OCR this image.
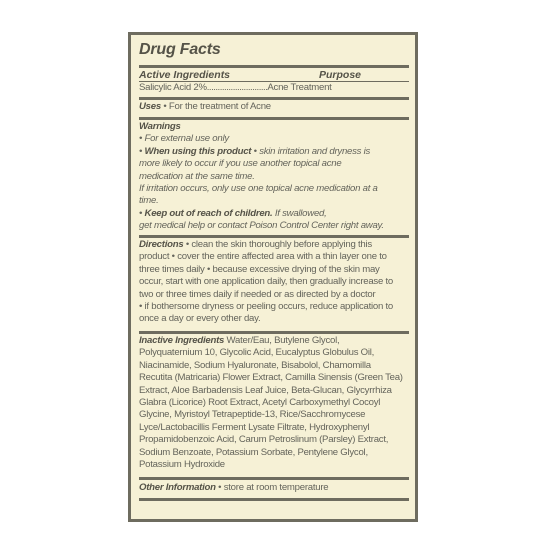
Drug Facts
Active Ingredients	Purpose
Salicylic Acid 2%............................Acne Treatment
Uses • For the treatment of Acne

Warnings

• For external use only

• When using this product • skin irritation and dryness is

more likely to occur if you use another topical acne

medication at the same time.

If irritation occurs, only use one topical acne medication at a

time.

• Keep out of reach of children. If swallowed,

get medical help or contact Poison Control Center right away.

Directions • clean the skin thoroughly before applying this

product • cover the entire affected area with a thin layer one to

three times daily • because excessive drying of the skin may

occur, start with one application daily, then gradually increase to

two or three times daily if needed or as directed by a doctor

• if bothersome dryness or peeling occurs, reduce application to

once a day or every other day.

Inactive Ingredients Water/Eau, Butylene Glycol,

Polyquaternium 10, Glycolic Acid, Eucalyptus Globulus Oil,

Niacinamide, Sodium Hyaluronate, Bisabolol, Chamomilla

Recutita (Matricaria) Flower Extract, Camilla Sinensis (Green Tea)

Extract, Aloe Barbadensis Leaf Juice, Beta-Glucan, Glycyrrhiza

Glabra (Licorice) Root Extract, Acetyl Carboxymethyl Cocoyl

Glycine, Myristoyl Tetrapeptide-13, Rice/Sacchromycese

Lyce/Lactobacillis Ferment Lysate Filtrate, Hydroxyphenyl

Propamidobenzoic Acid, Carum Petroslinum (Parsley) Extract,

Sodium Benzoate, Potassium Sorbate, Pentylene Glycol,

Potassium Hydroxide

Other Information • store at room temperature
